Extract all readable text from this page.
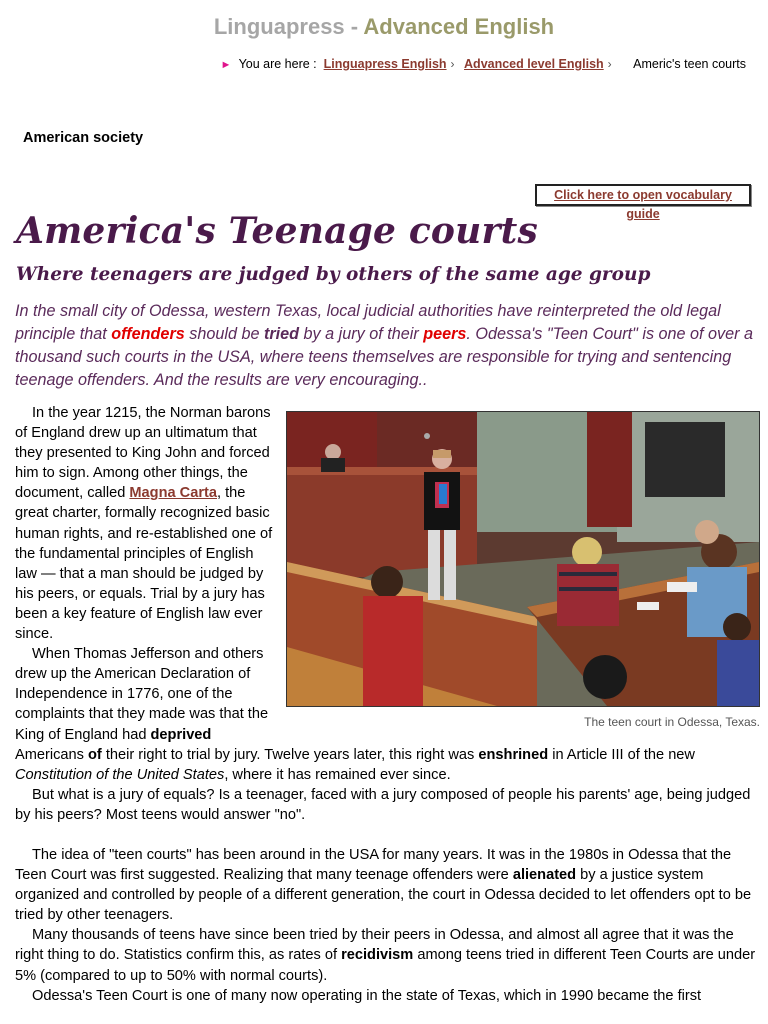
Linguapress - Advanced English
► You are here : Linguapress English › Advanced level English › Americ's teen courts
American society
Click here to open vocabulary guide
America's Teenage courts
Where teenagers are judged by others of the same age group

In the small city of Odessa, western Texas, local judicial authorities have reinterpreted the old legal principle that offenders should be tried by a jury of their peers. Odessa's "Teen Court" is one of over a thousand such courts in the USA, where teens themselves are responsible for trying and sentencing teenage offenders. And the results are very encouraging..

The teen court in Odessa, Texas.

In the year 1215, the Norman barons of England drew up an ultimatum that they presented to King John and forced him to sign. Among other things, the document, called Magna Carta, the great charter, formally recognized basic human rights, and re-established one of the fundamental principles of English law — that a man should be judged by his peers, or equals. Trial by a jury has been a key feature of English law ever since.

When Thomas Jefferson and others drew up the American Declaration of Independence in 1776, one of the complaints that they made was that the King of England had deprived Americans of their right to trial by jury. Twelve years later, this right was enshrined in Article III of the new Constitution of the United States, where it has remained ever since.

But what is a jury of equals? Is a teenager, faced with a jury composed of people his parents' age, being judged by his peers? Most teens would answer "no".

The idea of "teen courts" has been around in the USA for many years. It was in the 1980s in Odessa that the Teen Court was first suggested. Realizing that many teenage offenders were alienated by a justice system organized and controlled by people of a different generation, the court in Odessa decided to let offenders opt to be tried by other teenagers.

Many thousands of teens have since been tried by their peers in Odessa, and almost all agree that it was the right thing to do. Statistics confirm this, as rates of recidivism among teens tried in different Teen Courts are under 5% (compared to up to 50% with normal courts).

Odessa's Teen Court is one of many now operating in the state of Texas, which in 1990 became the first
